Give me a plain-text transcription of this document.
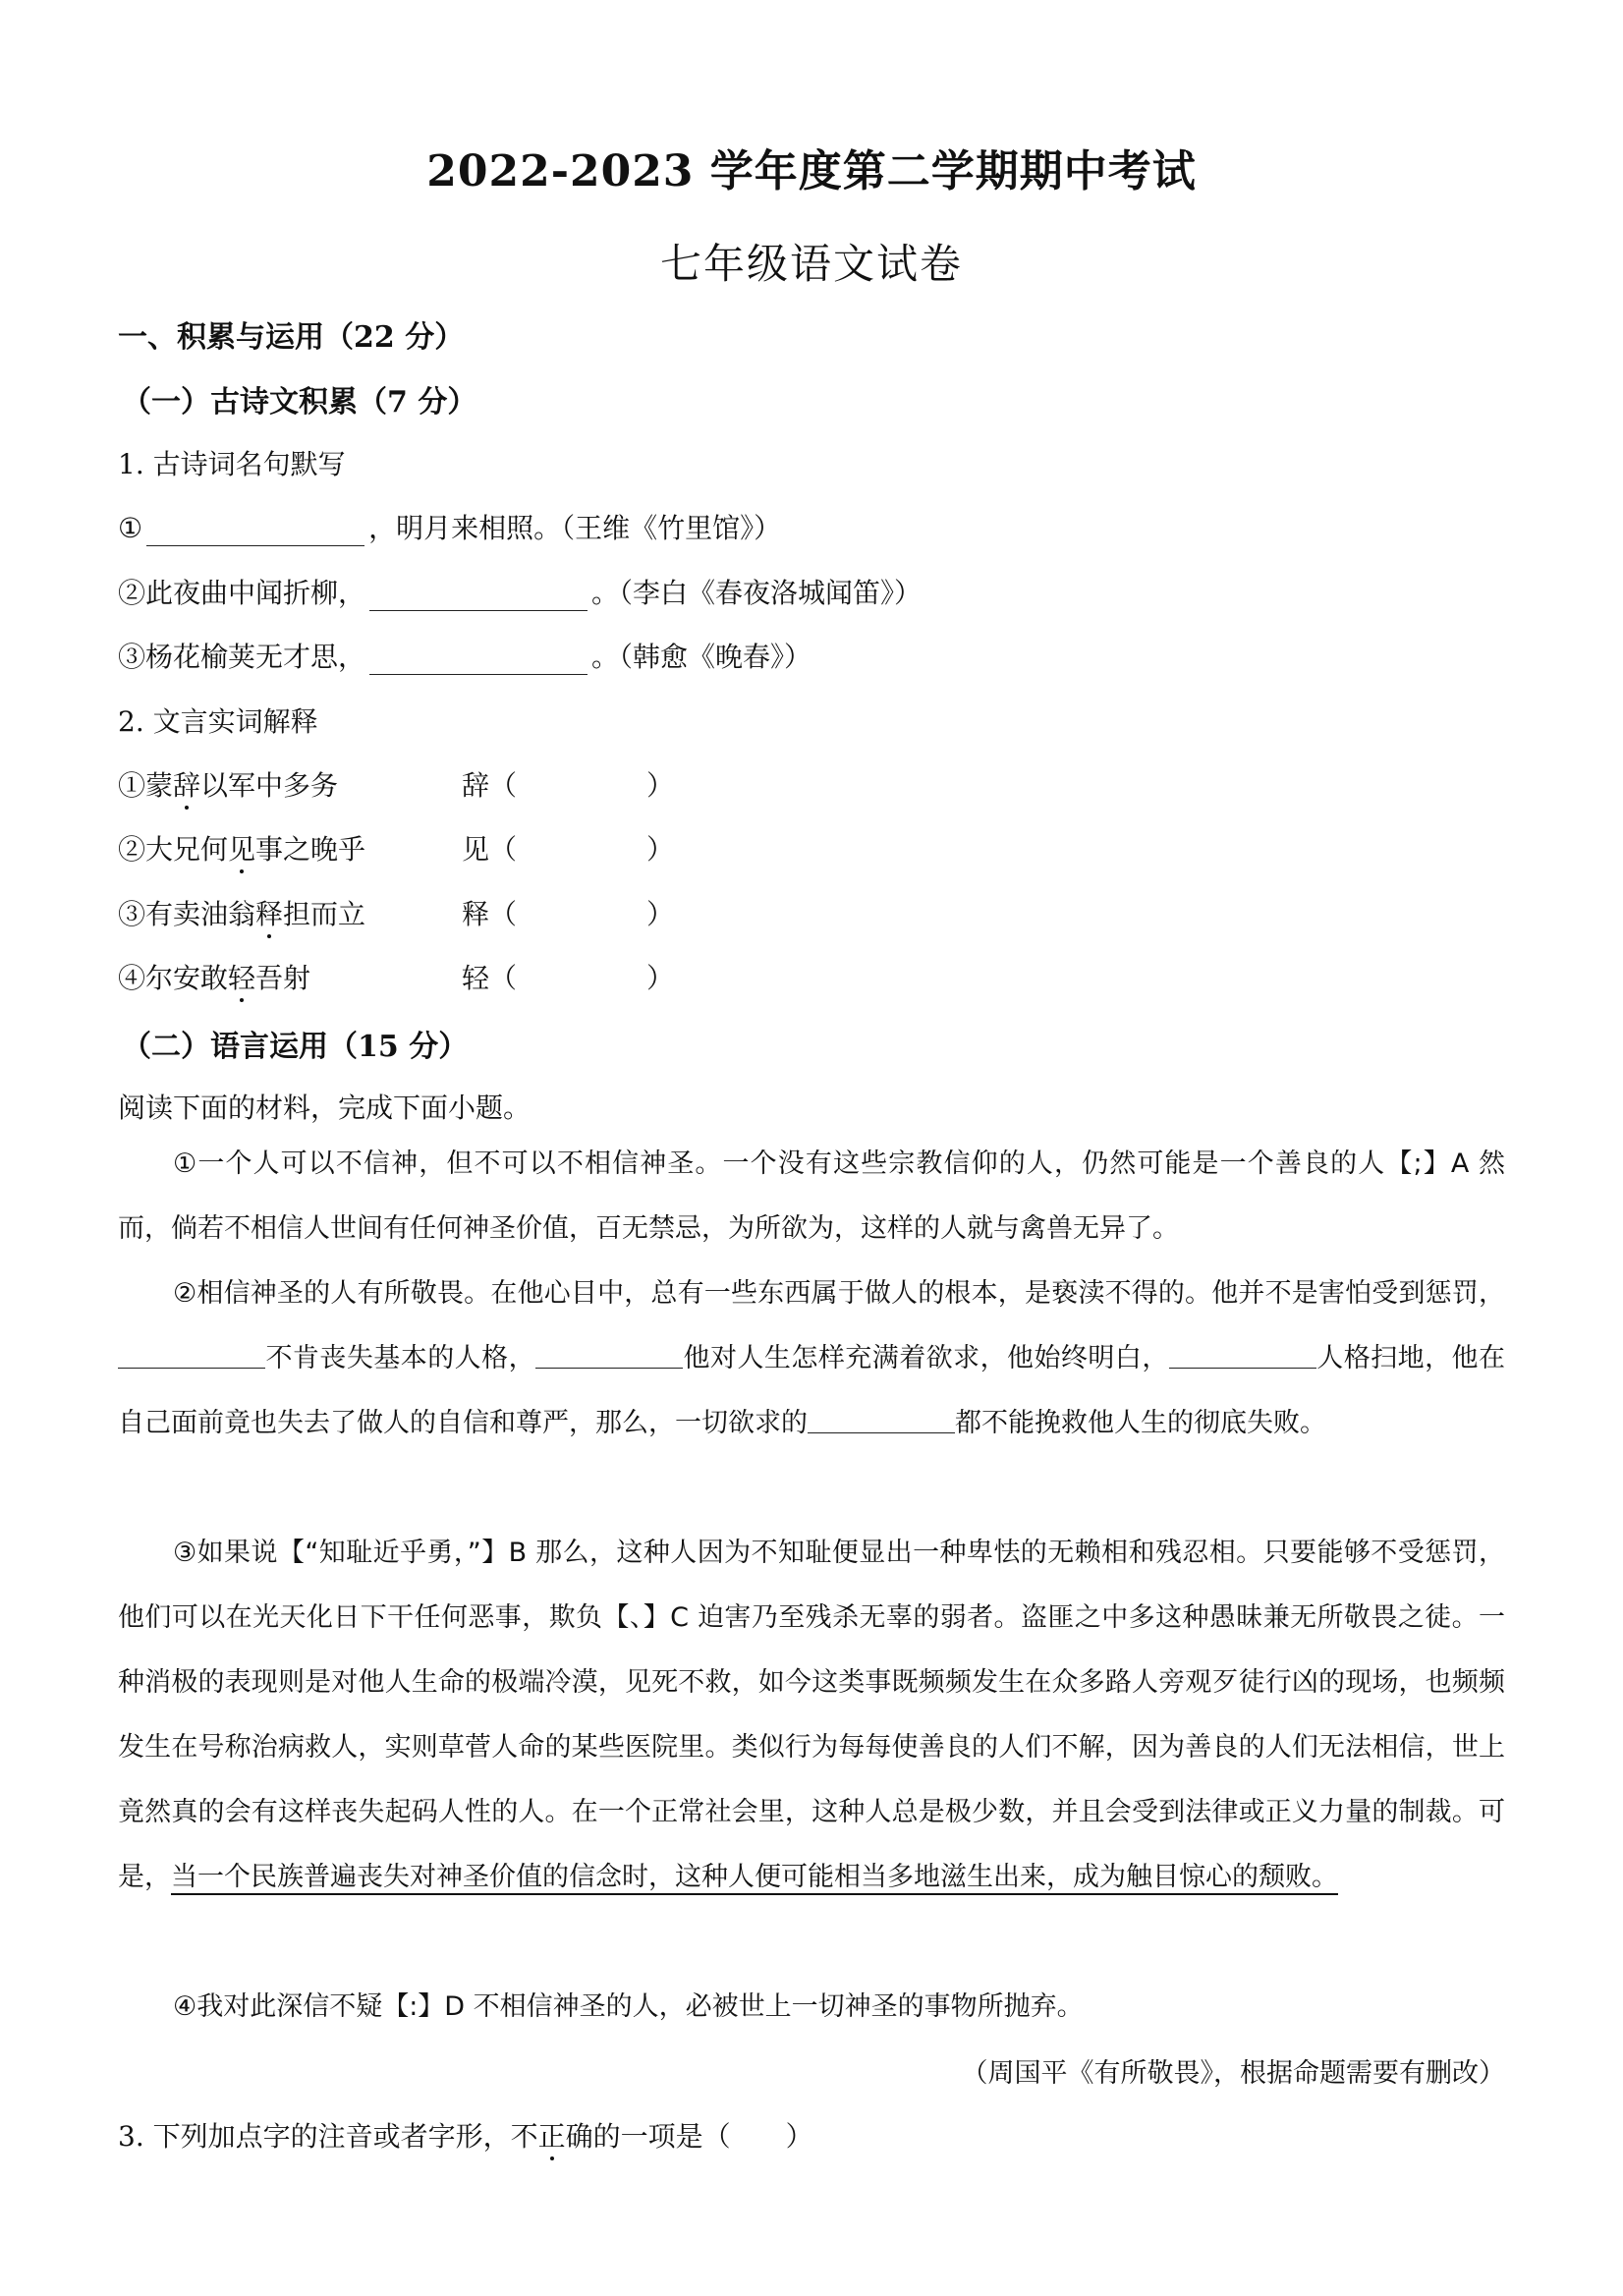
2022-2023 学年度第二学期期中考试
七年级语文试卷
一、积累与运用（22 分）
（一）古诗文积累（7 分）
1. 古诗词名句默写
①	，明月来相照。（王维《竹里馆》）
②此夜曲中闻折柳，	。（李白《春夜洛城闻笛》）
③杨花榆荚无才思，	。（韩愈《晚春》）
2. 文言实词解释
①蒙辞以军中多务	辞（	）
②大兄何见事之晚乎	见（	）
③有卖油翁释担而立	释（	）
④尔安敢轻吾射	轻（	）
（二）语言运用（15 分）
阅读下面的材料，完成下面小题。
①一个人可以不信神，但不可以不相信神圣。一个没有这些宗教信仰的人，仍然可能是一个善良的人【;】A 然而，倘若不相信人世间有任何神圣价值，百无禁忌，为所欲为，这样的人就与禽兽无异了。
②相信神圣的人有所敬畏。在他心目中，总有一些东西属于做人的根本，是亵渎不得的。他并不是害怕受到惩罚，不肯丧失基本的人格，	他对人生怎样充满着欲求，他始终明白，	人格扫地，他在自己面前竟也失去了做人的自信和尊严，那么，一切欲求的	都不能挽救他人生的彻底失败。
③如果说【“知耻近乎勇，”】B 那么，这种人因为不知耻便显出一种卑怯的无赖相和残忍相。只要能够不受惩罚，他们可以在光天化日下干任何恶事，欺负【、】C 迫害乃至残杀无辜的弱者。盗匪之中多这种愚昧兼无所敬畏之徒。一种消极的表现则是对他人生命的极端冷漠，见死不救，如今这类事既频频发生在众多路人旁观歹徒行凶的现场，也频频发生在号称治病救人，实则草菅人命的某些医院里。类似行为每每使善良的人们不解，因为善良的人们无法相信，世上竟然真的会有这样丧失起码人性的人。在一个正常社会里，这种人总是极少数，并且会受到法律或正义力量的制裁。可是，当一个民族普遍丧失对神圣价值的信念时，这种人便可能相当多地滋生出来，成为触目惊心的颓败。
④我对此深信不疑【:】D 不相信神圣的人，必被世上一切神圣的事物所抛弃。
（周国平《有所敬畏》，根据命题需要有删改）
3. 下列加点字的注音或者字形，不正确的一项是（　　）
